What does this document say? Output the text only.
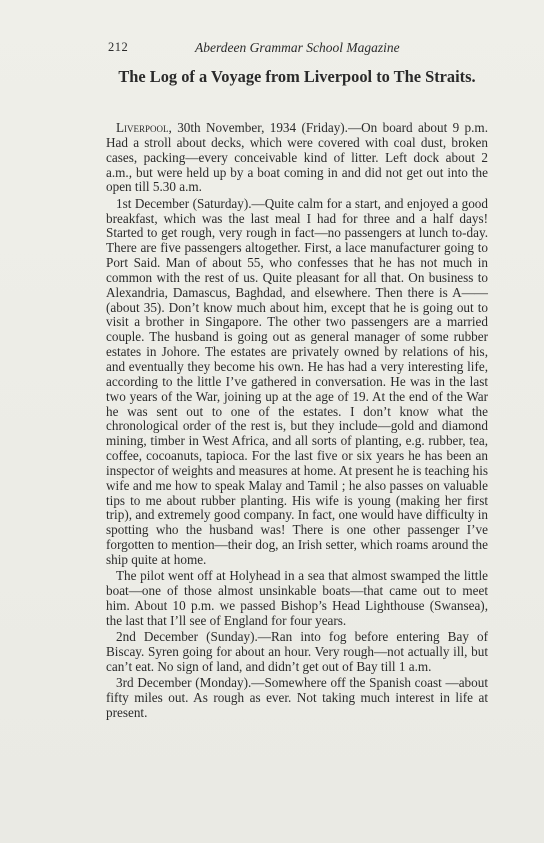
212	Aberdeen Grammar School Magazine
The Log of a Voyage from Liverpool to The Straits.

Liverpool, 30th November, 1934 (Friday).—On board about 9 p.m. Had a stroll about decks, which were covered with coal dust, broken cases, packing—every conceivable kind of litter. Left dock about 2 a.m., but were held up by a boat coming in and did not get out into the open till 5.30 a.m.

1st December (Saturday).—Quite calm for a start, and enjoyed a good breakfast, which was the last meal I had for three and a half days! Started to get rough, very rough in fact—no passengers at lunch to-day. There are five passengers altogether. First, a lace manufacturer going to Port Said. Man of about 55, who confesses that he has not much in common with the rest of us. Quite pleasant for all that. On business to Alexandria, Damascus, Baghdad, and elsewhere. Then there is A—— (about 35). Don’t know much about him, except that he is going out to visit a brother in Singapore. The other two passengers are a married couple. The husband is going out as general manager of some rubber estates in Johore. The estates are privately owned by relations of his, and eventually they become his own. He has had a very interesting life, according to the little I’ve gathered in conversation. He was in the last two years of the War, joining up at the age of 19. At the end of the War he was sent out to one of the estates. I don’t know what the chronological order of the rest is, but they include—gold and diamond mining, timber in West Africa, and all sorts of planting, e.g. rubber, tea, coffee, cocoanuts, tapioca. For the last five or six years he has been an inspector of weights and measures at home. At present he is teaching his wife and me how to speak Malay and Tamil ; he also passes on valuable tips to me about rubber planting. His wife is young (making her first trip), and extremely good company. In fact, one would have difficulty in spotting who the husband was! There is one other passenger I’ve forgotten to mention—their dog, an Irish setter, which roams around the ship quite at home.

The pilot went off at Holyhead in a sea that almost swamped the little boat—one of those almost unsinkable boats—that came out to meet him. About 10 p.m. we passed Bishop’s Head Lighthouse (Swansea), the last that I’ll see of England for four years.

2nd December (Sunday).—Ran into fog before entering Bay of Biscay. Syren going for about an hour. Very rough—not actually ill, but can’t eat. No sign of land, and didn’t get out of Bay till 1 a.m.

3rd December (Monday).—Somewhere off the Spanish coast —about fifty miles out. As rough as ever. Not taking much interest in life at present.
